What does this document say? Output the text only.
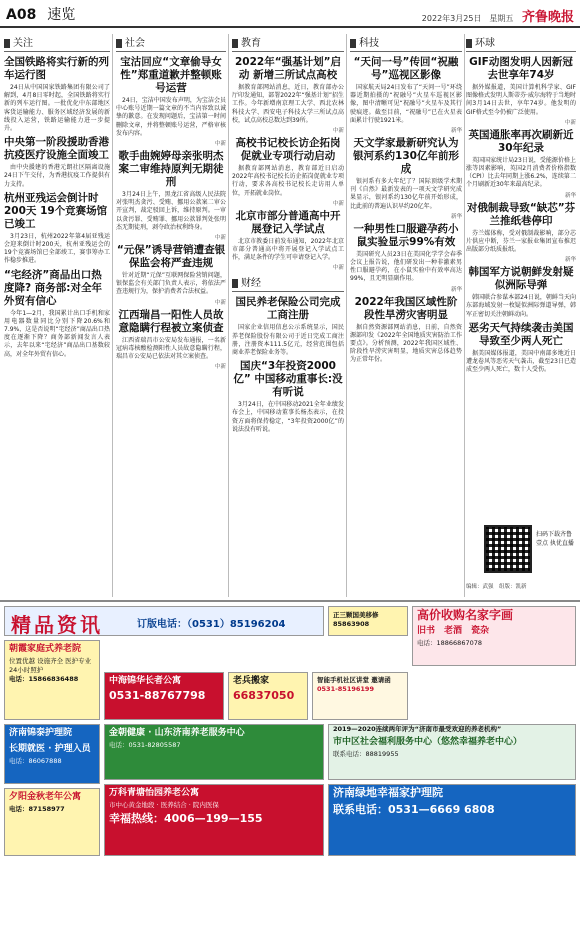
A08 速览	2022年3月25日　星期五 齐鲁晚报
关注
全国铁路将实行新的列车运行图
24日从中国国家铁路集团有限公司了解到，4月8日零时起，全国铁路将实行新的列车运行图。一批优化中东部地区客货运输能力、服务区域经济发展的新线投入运营，铁路运输能力进一步提升。
中央第一阶段援助香港抗疫医疗设施全面竣工
由中央援建的香港元朗社区隔离设施24日下午交付，为香港抗疫工作提供有力支持。
杭州亚残运会倒计时200天 19个竞赛场馆已竣工
3月23日，杭州2022年第4届亚残运会迎来倒计时200天，杭州亚残运会的19个竞赛场馆已全部竣工，赛事筹办工作稳步推进。
“宅经济”商品出口热度降? 商务部:对全年外贸有信心
今年1—2月，我国累计出口手机和家用电器数量同比分别下降20.6%和7.9%，这是否说明“宅经济”商品出口热度在逐渐下降？商务部新闻发言人表示，去年以来“宅经济”商品出口基数较高，对全年外贸有信心。
社会
宝沽回应“文章偷导女性”郑重道歉并整顿账号运营
24日，宝洁中国发布声明，为宝洁会员中心账号近期一篇文章的不当内容致以诚挚的歉意。在发现问题后，宝洁第一时间删除文章，并将整顿账号运营，严格审核发布内容。
中新
歌手曲婉婷母亲张明杰案二审维持原判无期徒刑
3月24日上午，黑龙江省高级人民法院对张明杰贪污、受贿、挪用公款案二审公开宣判，裁定驳回上诉，维持原判。一审以贪污罪、受贿罪、挪用公款罪判处张明杰无期徒刑，剥夺政治权利终身。
中新
“元保”诱导营销遭查银保监会将严查违规
针对近期“元保”互联网保险营销问题，银保监会有关部门负责人表示，将依法严查违规行为，保护消费者合法权益。
中新
江西瑞昌一阳性人员故意隐瞒行程被立案侦查
江西省瑞昌市公安局发布通报，一名新冠病毒核酸检测阳性人员故意隐瞒行程，瑞昌市公安局已依法对其立案侦查。
中新
教育
2022年“强基计划”启动 新增三所试点高校
据教育部网站消息，近日，教育部办公厅印发通知，部署2022年“强基计划”招生工作。今年新增南京理工大学、西北农林科技大学、西安电子科技大学三所试点高校，试点高校总数达到39所。
中新
高校书记校长访企拓岗促就业专项行动启动
据教育部网站消息，教育部近日启动2022年高校书记校长访企拓岗促就业专项行动，要求各高校书记校长走访用人单位，开拓就业岗位。
中新
北京市部分普通高中开展登记入学试点
北京市教委日前发布通知，2022年北京市部分普通高中将开展登记入学试点工作，满足条件的学生可申请登记入学。
中新
财经
国民养老保险公司完成工商注册
国家企业信用信息公示系统显示，国民养老保险股份有限公司于近日完成工商注册，注册资本111.5亿元，经营范围包括商业养老保险业务等。
国庆“3年投资2000亿” 中国移动重事长:没有听说
3月24日，在中国移动2021全年业绩发布会上，中国移动董事长杨杰表示，在投资方面将保持稳定，“3年投资2000亿”的说法没有听说。
科技
“天问一号”传回“祝融号”巡视区影像
国家航天局24日发布了“天问一号”环绕器近期拍摄的“祝融号”火星车巡视区影像，图中清晰可见“祝融号”火星车及其行驶痕迹。截至目前，“祝融号”已在火星表面累计行驶1921米。
新华
天文学家最新研究认为银河系约130亿年前形成
银河系有多大年纪了？国际顶级学术期刊《自然》最新发表的一项天文学研究成果显示，银河系约130亿年前开始形成，比此前的普遍认识早约20亿年。
新华
一种男性口服避孕药小鼠实验显示99%有效
美国研究人员23日在美国化学学会春季会议上报告说，他们研发出一种非激素男性口服避孕药，在小鼠实验中有效率高达99%，且无明显副作用。
新华
2022年我国区域性阶段性旱涝灾害明显
据自然资源部网站消息，日前，自然资源部印发《2022年全国地质灾害防治工作要点》。分析预测，2022年我国区域性、阶段性旱涝灾害明显，地质灾害总体趋势为正常年份。
环球
GIF动图发明人因新冠去世享年74岁
据外媒报道，美国计算机科学家、GIF图像格式发明人斯蒂芬·威尔海特于当地时间3月14日去世，享年74岁。他发明的GIF格式至今仍被广泛使用。
中新
英国通胀率再次刷新近30年纪录
英国国家统计局23日说，受能源价格上涨等因素影响，英国2月消费者价格指数（CPI）比去年同期上涨6.2%，连续第二个月刷新近30年来最高纪录。
新华
对俄制裁导致“缺芯”芬兰推纸巷停印
芬兰媒体称，受对俄制裁影响，部分芯片供应中断，芬兰一家报业集团宣布推迟出版部分纸质报纸。
新华
韩国军方说朝鲜发射疑似洲际导弹
韩国联合参谋本部24日说，朝鲜当天向东部海域发射一枚疑似洲际弹道导弹，韩军正密切关注朝鲜动向。
恶劣天气持续袭击美国导致至少两人死亡
据美国媒体报道，美国中南部多地近日遭龙卷风等恶劣天气袭击，截至23日已造成至少两人死亡，数十人受伤。
扫码下载齐鲁壹点 执优直播
编辑：武强　组版：凯新
精品资讯	订版电话：（0531）85196204
正三颗国美移修 85863908
高价收购名家字画
旧书　老酒　瓷杂
电话：18866867078
朝霞家庭式养老院
位置优越 设施齐全 医护专业 24小时照护
电话：15866836488	中海锦华长者公寓
0531-88767798
老兵搬家
66837050
智能手机社区讲堂 邀请函
0531-85196199
济南锦泰护理院
长期就医 · 护理入员
电话：86067888
金朝健康 · 山东济南养老服务中心
电话：0531-82805587
2019—2020连续两年评为“济南市最受欢迎的养老机构”
市中区社会福利服务中心（悠然幸福养老中心）
联系电话：88819955
夕阳金秋老年公寓
电话：87158977
万科青塘怡园养老公寓
市中心黄金地段 · 医养结合 · 院内医保
幸福热线：4006—199—155
济南绿地幸福家护理院
联系电话：0531—6669 6808
